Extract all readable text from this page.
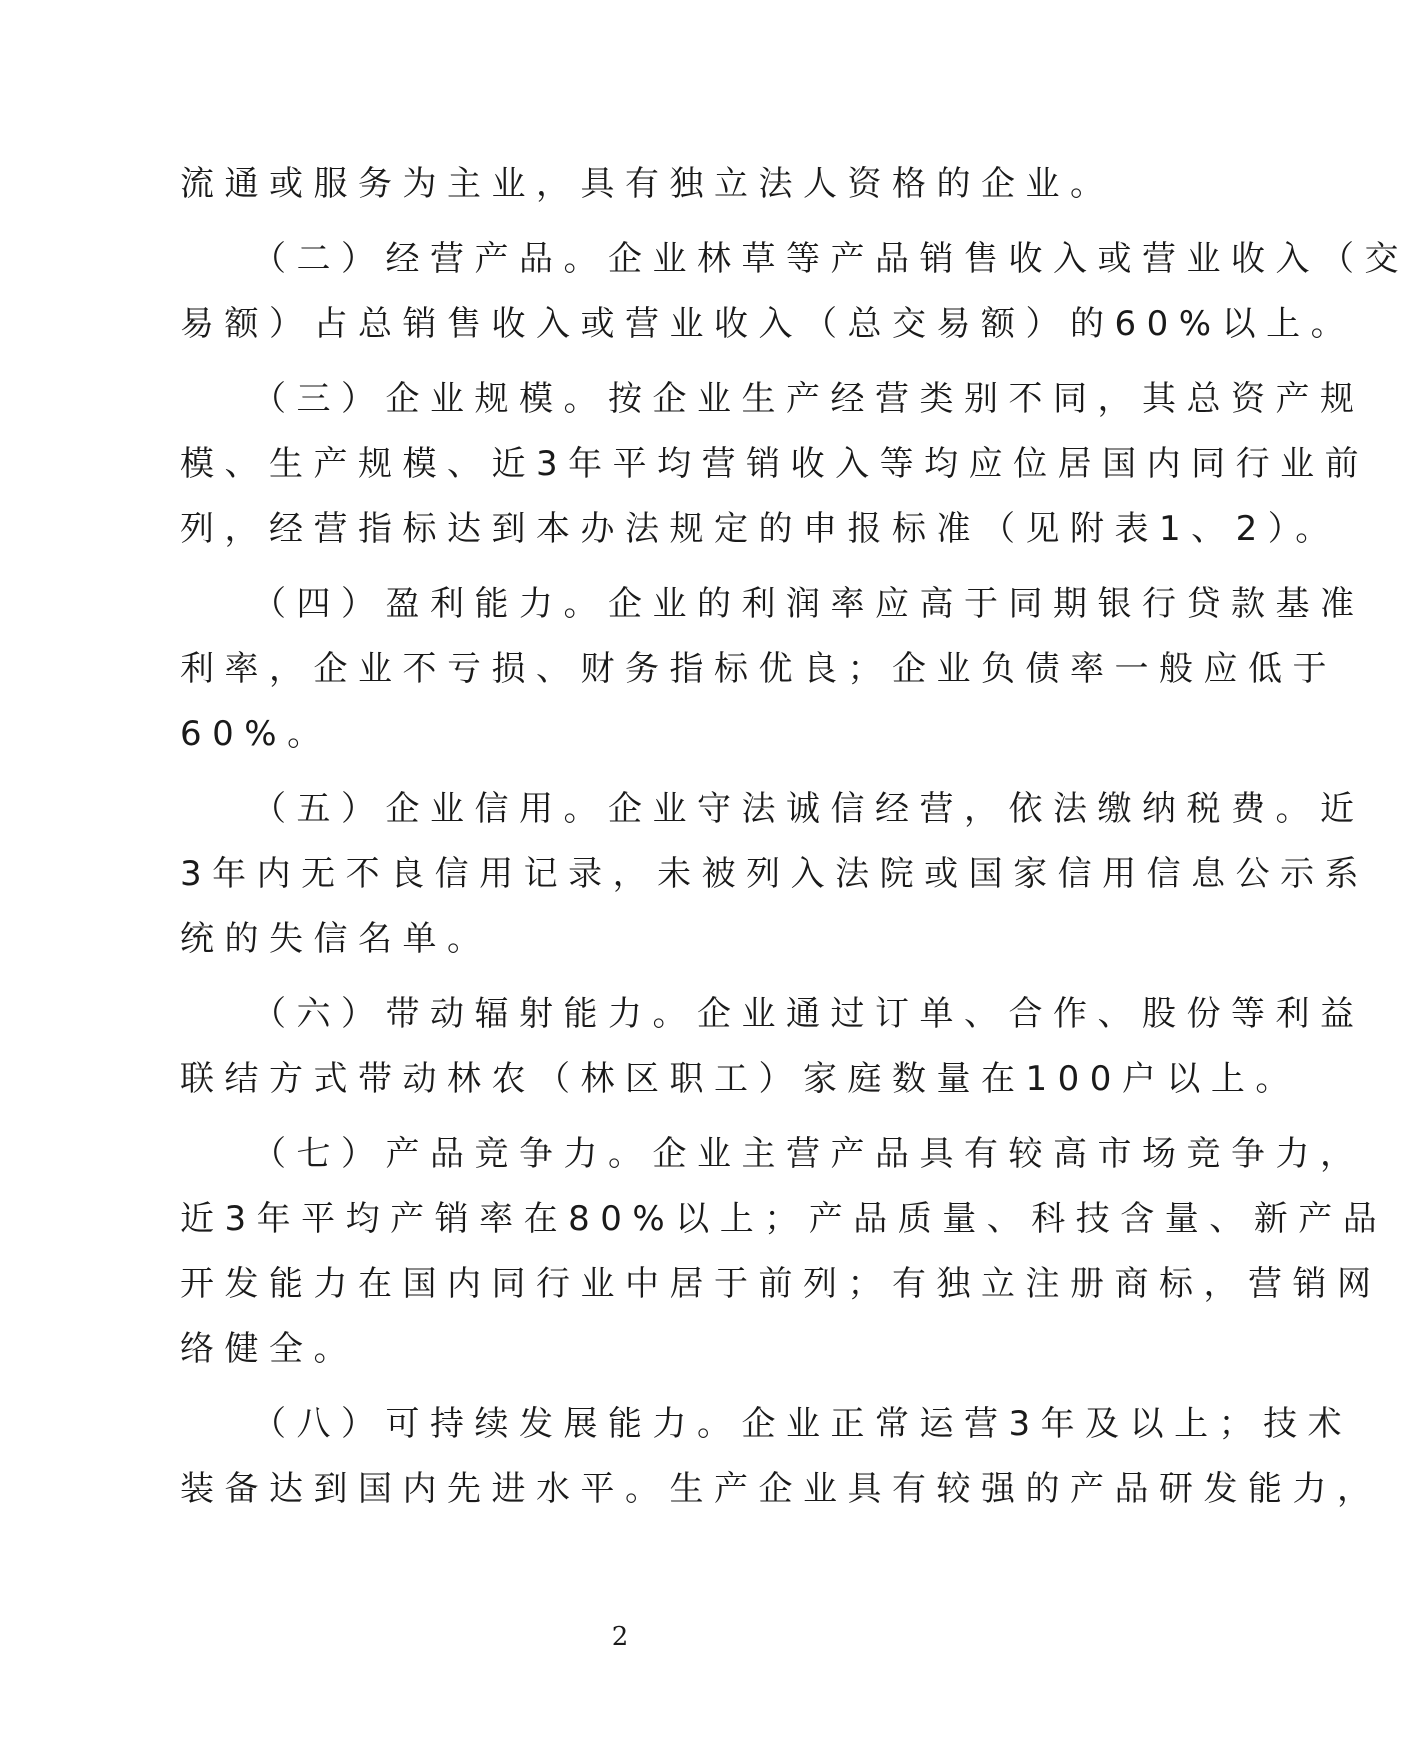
流通或服务为主业，具有独立法人资格的企业。
（二）经营产品。企业林草等产品销售收入或营业收入（交
易额）占总销售收入或营业收入（总交易额）的60%以上。
（三）企业规模。按企业生产经营类别不同，其总资产规
模、生产规模、近3年平均营销收入等均应位居国内同行业前
列，经营指标达到本办法规定的申报标准（见附表1、2）。
（四）盈利能力。企业的利润率应高于同期银行贷款基准
利率，企业不亏损、财务指标优良；企业负债率一般应低于
60%。
（五）企业信用。企业守法诚信经营，依法缴纳税费。近
3年内无不良信用记录，未被列入法院或国家信用信息公示系
统的失信名单。
（六）带动辐射能力。企业通过订单、合作、股份等利益
联结方式带动林农（林区职工）家庭数量在100户以上。
（七）产品竞争力。企业主营产品具有较高市场竞争力，
近3年平均产销率在80%以上；产品质量、科技含量、新产品
开发能力在国内同行业中居于前列；有独立注册商标，营销网
络健全。
（八）可持续发展能力。企业正常运营3年及以上；技术
装备达到国内先进水平。生产企业具有较强的产品研发能力，
2
